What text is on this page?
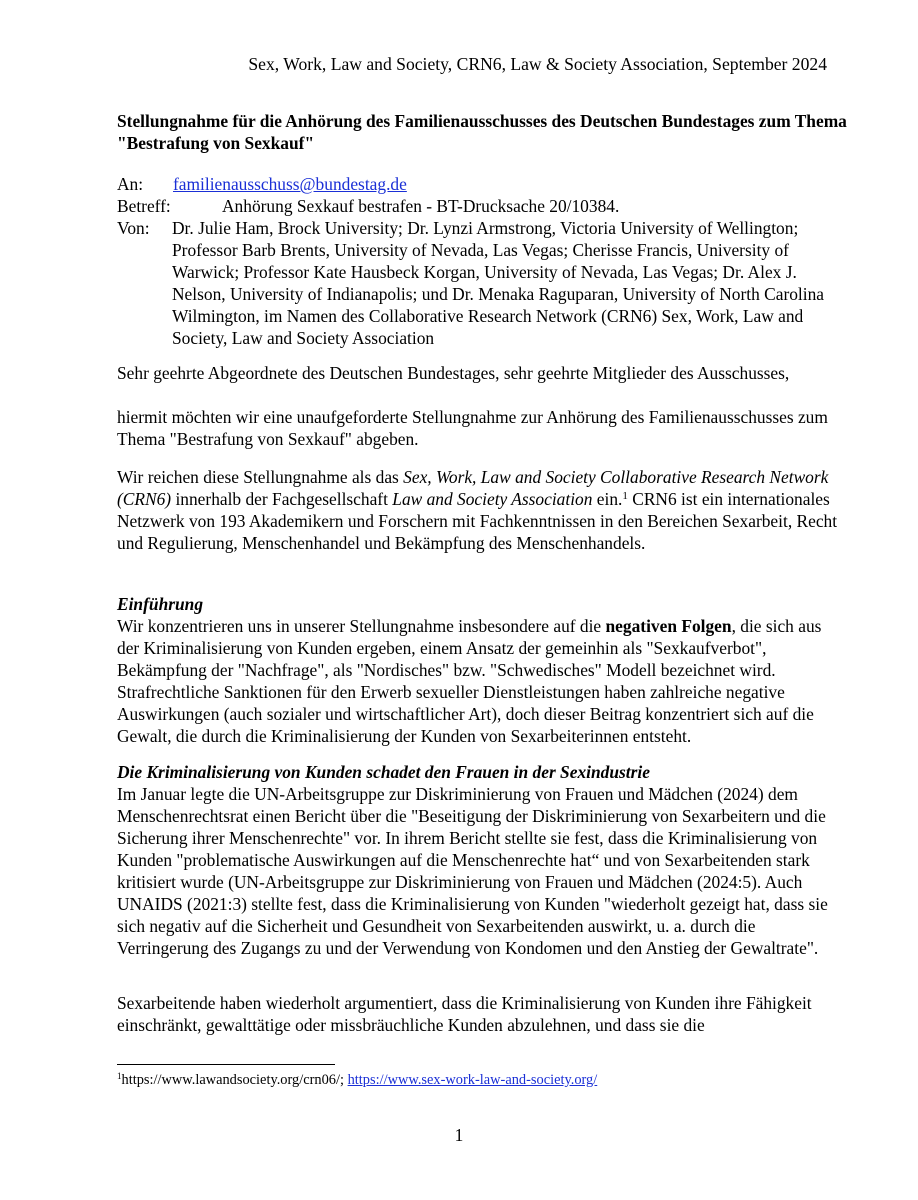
Sex, Work, Law and Society, CRN6, Law & Society Association, September 2024
Stellungnahme für die Anhörung des Familienausschusses des Deutschen Bundestages zum Thema "Bestrafung von Sexkauf"
An: familienausschuss@bundestag.de
Betreff:	Anhörung Sexkauf bestrafen - BT-Drucksache 20/10384.
Von: Dr. Julie Ham, Brock University; Dr. Lynzi Armstrong, Victoria University of Wellington; Professor Barb Brents, University of Nevada, Las Vegas; Cherisse Francis, University of Warwick; Professor Kate Hausbeck Korgan, University of Nevada, Las Vegas; Dr. Alex J. Nelson, University of Indianapolis; und Dr. Menaka Raguparan, University of North Carolina Wilmington, im Namen des Collaborative Research Network (CRN6) Sex, Work, Law and Society, Law and Society Association
Sehr geehrte Abgeordnete des Deutschen Bundestages, sehr geehrte Mitglieder des Ausschusses,
hiermit möchten wir eine unaufgeforderte Stellungnahme zur Anhörung des Familienausschusses zum Thema "Bestrafung von Sexkauf" abgeben.
Wir reichen diese Stellungnahme als das Sex, Work, Law and Society Collaborative Research Network (CRN6) innerhalb der Fachgesellschaft Law and Society Association ein.$^1$ CRN6 ist ein internationales Netzwerk von 193 Akademikern und Forschern mit Fachkenntnissen in den Bereichen Sexarbeit, Recht und Regulierung, Menschenhandel und Bekämpfung des Menschenhandels.
Einführung
Wir konzentrieren uns in unserer Stellungnahme insbesondere auf die negativen Folgen, die sich aus der Kriminalisierung von Kunden ergeben, einem Ansatz der gemeinhin als "Sexkaufverbot", Bekämpfung der "Nachfrage", als "Nordisches" bzw. "Schwedisches" Modell bezeichnet wird. Strafrechtliche Sanktionen für den Erwerb sexueller Dienstleistungen haben zahlreiche negative Auswirkungen (auch sozialer und wirtschaftlicher Art), doch dieser Beitrag konzentriert sich auf die Gewalt, die durch die Kriminalisierung der Kunden von Sexarbeiterinnen entsteht.
Die Kriminalisierung von Kunden schadet den Frauen in der Sexindustrie
Im Januar legte die UN-Arbeitsgruppe zur Diskriminierung von Frauen und Mädchen (2024) dem Menschenrechtsrat einen Bericht über die "Beseitigung der Diskriminierung von Sexarbeitern und die Sicherung ihrer Menschenrechte" vor. In ihrem Bericht stellte sie fest, dass die Kriminalisierung von Kunden "problematische Auswirkungen auf die Menschenrechte hat“ und von Sexarbeitenden stark kritisiert wurde (UN-Arbeitsgruppe zur Diskriminierung von Frauen und Mädchen (2024:5). Auch UNAIDS (2021:3) stellte fest, dass die Kriminalisierung von Kunden "wiederholt gezeigt hat, dass sie sich negativ auf die Sicherheit und Gesundheit von Sexarbeitenden auswirkt, u. a. durch die Verringerung des Zugangs zu und der Verwendung von Kondomen und den Anstieg der Gewaltrate".
Sexarbeitende haben wiederholt argumentiert, dass die Kriminalisierung von Kunden ihre Fähigkeit einschränkt, gewalttätige oder missbräuchliche Kunden abzulehnen, und dass sie die
$^1$https://www.lawandsociety.org/crn06/; https://www.sex-work-law-and-society.org/
1
